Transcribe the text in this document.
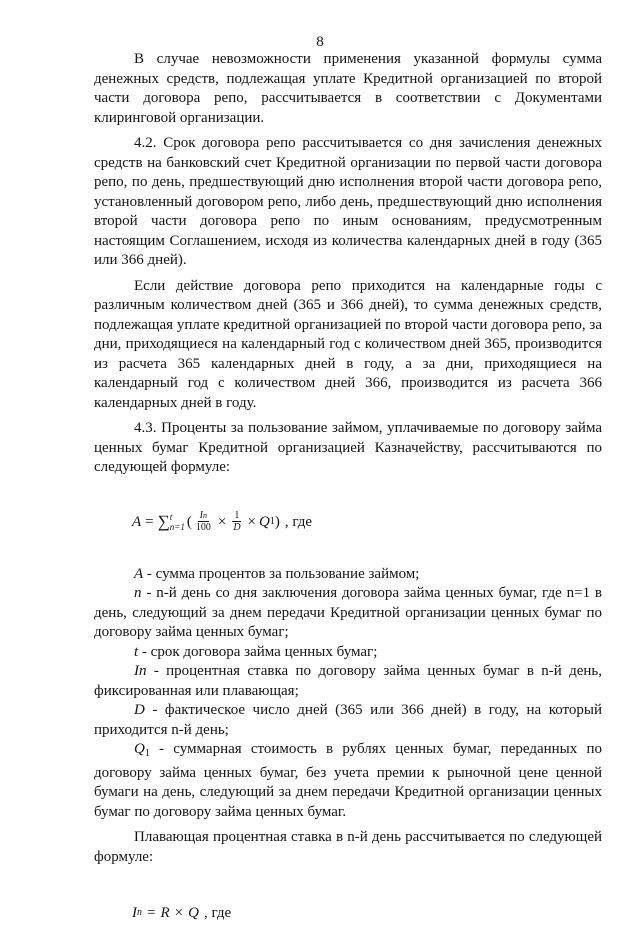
8

В случае невозможности применения указанной формулы сумма денежных средств, подлежащая уплате Кредитной организацией по второй части договора репо, рассчитывается в соответствии с Документами клиринговой организации.

4.2. Срок договора репо рассчитывается со дня зачисления денежных средств на банковский счет Кредитной организации по первой части договора репо, по день, предшествующий дню исполнения второй части договора репо, установленный договором репо, либо день, предшествующий дню исполнения второй части договора репо по иным основаниям, предусмотренным настоящим Соглашением, исходя из количества календарных дней в году (365 или 366 дней).

Если действие договора репо приходится на календарные годы с различным количеством дней (365 и 366 дней), то сумма денежных средств, подлежащая уплате кредитной организацией по второй части договора репо, за дни, приходящиеся на календарный год с количеством дней 365, производится из расчета 365 календарных дней в году, а за дни, приходящиеся на календарный год с количеством дней 366, производится из расчета 366 календарных дней в году.

4.3. Проценты за пользование займом, уплачиваемые по договору займа ценных бумаг Кредитной организацией Казначейству, рассчитываются по следующей формуле:

A = ∑ t
n=1 ( $\frac{In}{100} \times \frac{1}{D} \times Q$ 1 ) , где

A - сумма процентов за пользование займом;

n - n-й день со дня заключения договора займа ценных бумаг, где n=1 в день, следующий за днем передачи Кредитной организации ценных бумаг по договору займа ценных бумаг;

t - срок договора займа ценных бумаг;

In - процентная ставка по договору займа ценных бумаг в n-й день, фиксированная или плавающая;

D - фактическое число дней (365 или 366 дней) в году, на который приходится n-й день;

$Q_1$ - суммарная стоимость в рублях ценных бумаг, переданных по договору займа ценных бумаг, без учета премии к рыночной цене ценной бумаги на день, следующий за днем передачи Кредитной организации ценных бумаг по договору займа ценных бумаг.

Плавающая процентная ставка в n-й день рассчитывается по следующей формуле:

I n = R × Q , где
